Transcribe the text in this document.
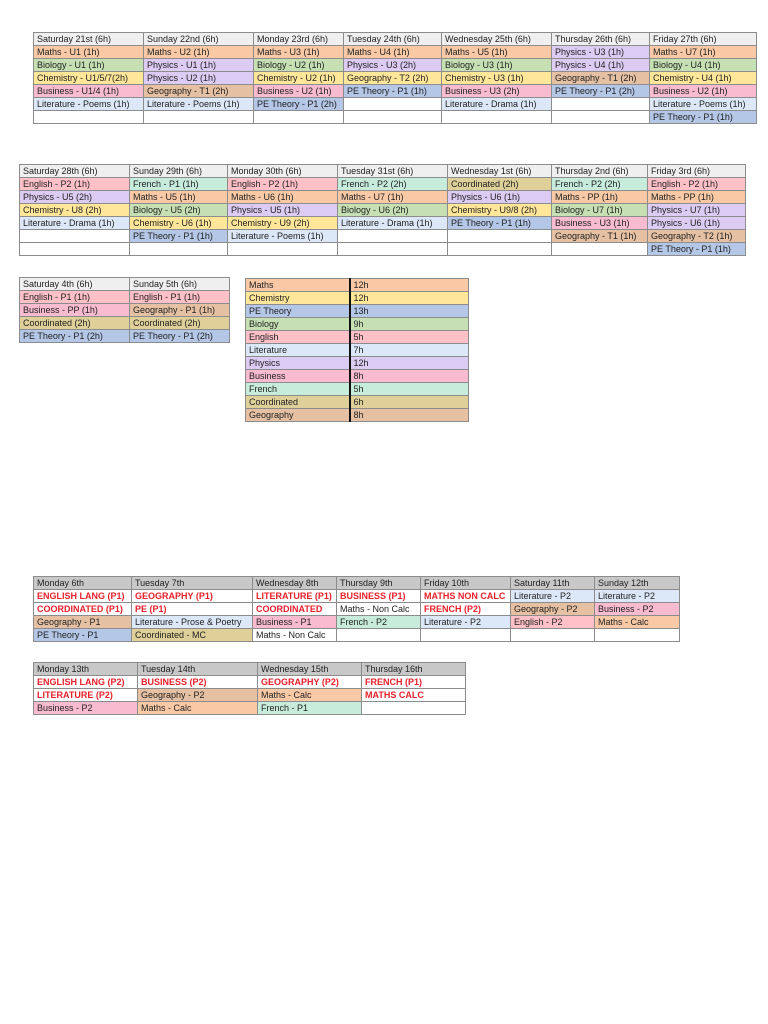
Saturday 21st (6h)	Sunday 22nd (6h)	Monday 23rd (6h)	Tuesday 24th (6h)	Wednesday 25th (6h)	Thursday 26th (6h)	Friday 27th (6h)
Maths - U1 (1h)	Maths - U2 (1h)	Maths - U3 (1h)	Maths - U4 (1h)	Maths - U5 (1h)	Physics - U3 (1h)	Maths - U7 (1h)
Biology - U1 (1h)	Physics - U1 (1h)	Biology - U2 (1h)	Physics - U3 (2h)	Biology - U3 (1h)	Physics - U4 (1h)	Biology - U4 (1h)
Chemistry - U1/5/7(2h)	Physics - U2 (1h)	Chemistry - U2 (1h)	Geography - T2 (2h)	Chemistry - U3 (1h)	Geography - T1 (2h)	Chemistry - U4 (1h)
Business - U1/4 (1h)	Geography - T1 (2h)	Business - U2 (1h)	PE Theory - P1 (1h)	Business - U3 (2h)	PE Theory - P1 (2h)	Business - U2 (1h)
Literature - Poems (1h)	Literature - Poems (1h)	PE Theory - P1 (2h)		Literature - Drama (1h)		Literature - Poems (1h)
						PE Theory - P1 (1h)
Saturday 28th (6h)	Sunday 29th (6h)	Monday 30th (6h)	Tuesday 31st (6h)	Wednesday 1st (6h)	Thursday 2nd (6h)	Friday 3rd (6h)
English - P2 (1h)	French - P1 (1h)	English - P2 (1h)	French - P2 (2h)	Coordinated (2h)	French - P2 (2h)	English - P2 (1h)
Physics - U5 (2h)	Maths - U5 (1h)	Maths - U6 (1h)	Maths - U7 (1h)	Physics - U6 (1h)	Maths - PP (1h)	Maths - PP (1h)
Chemistry - U8 (2h)	Biology - U5 (2h)	Physics - U5 (1h)	Biology - U6 (2h)	Chemistry - U9/8 (2h)	Biology - U7 (1h)	Physics - U7 (1h)
Literature - Drama (1h)	Chemistry - U6 (1h)	Chemistry - U9 (2h)	Literature - Drama (1h)	PE Theory - P1 (1h)	Business - U3 (1h)	Physics - U6 (1h)
	PE Theory - P1 (1h)	Literature - Poems (1h)			Geography - T1 (1h)	Geography - T2 (1h)
						PE Theory - P1 (1h)
Saturday 4th (6h)	Sunday 5th (6h)
English - P1 (1h)	English - P1 (1h)
Business - PP (1h)	Geography - P1 (1h)
Coordinated (2h)	Coordinated (2h)
PE Theory - P1 (2h)	PE Theory - P1 (2h)
Maths	12h
Chemistry	12h
PE Theory	13h
Biology	9h
English	5h
Literature	7h
Physics	12h
Business	8h
French	5h
Coordinated	6h
Geography	8h
Monday 6th	Tuesday 7th	Wednesday 8th	Thursday 9th	Friday 10th	Saturday 11th	Sunday 12th
ENGLISH LANG (P1)	GEOGRAPHY (P1)	LITERATURE (P1)	BUSINESS (P1)	MATHS NON CALC	Literature - P2	Literature - P2
COORDINATED (P1)	PE (P1)	COORDINATED	Maths - Non Calc	FRENCH (P2)	Geography - P2	Business - P2
Geography - P1	Literature - Prose & Poetry	Business - P1	French - P2	Literature - P2	English - P2	Maths - Calc
PE Theory - P1	Coordinated - MC	Maths - Non Calc				
Monday 13th	Tuesday 14th	Wednesday 15th	Thursday 16th
ENGLISH LANG (P2)	BUSINESS (P2)	GEOGRAPHY (P2)	FRENCH (P1)
LITERATURE (P2)	Geography - P2	Maths - Calc	MATHS CALC
Business - P2	Maths - Calc	French - P1	
